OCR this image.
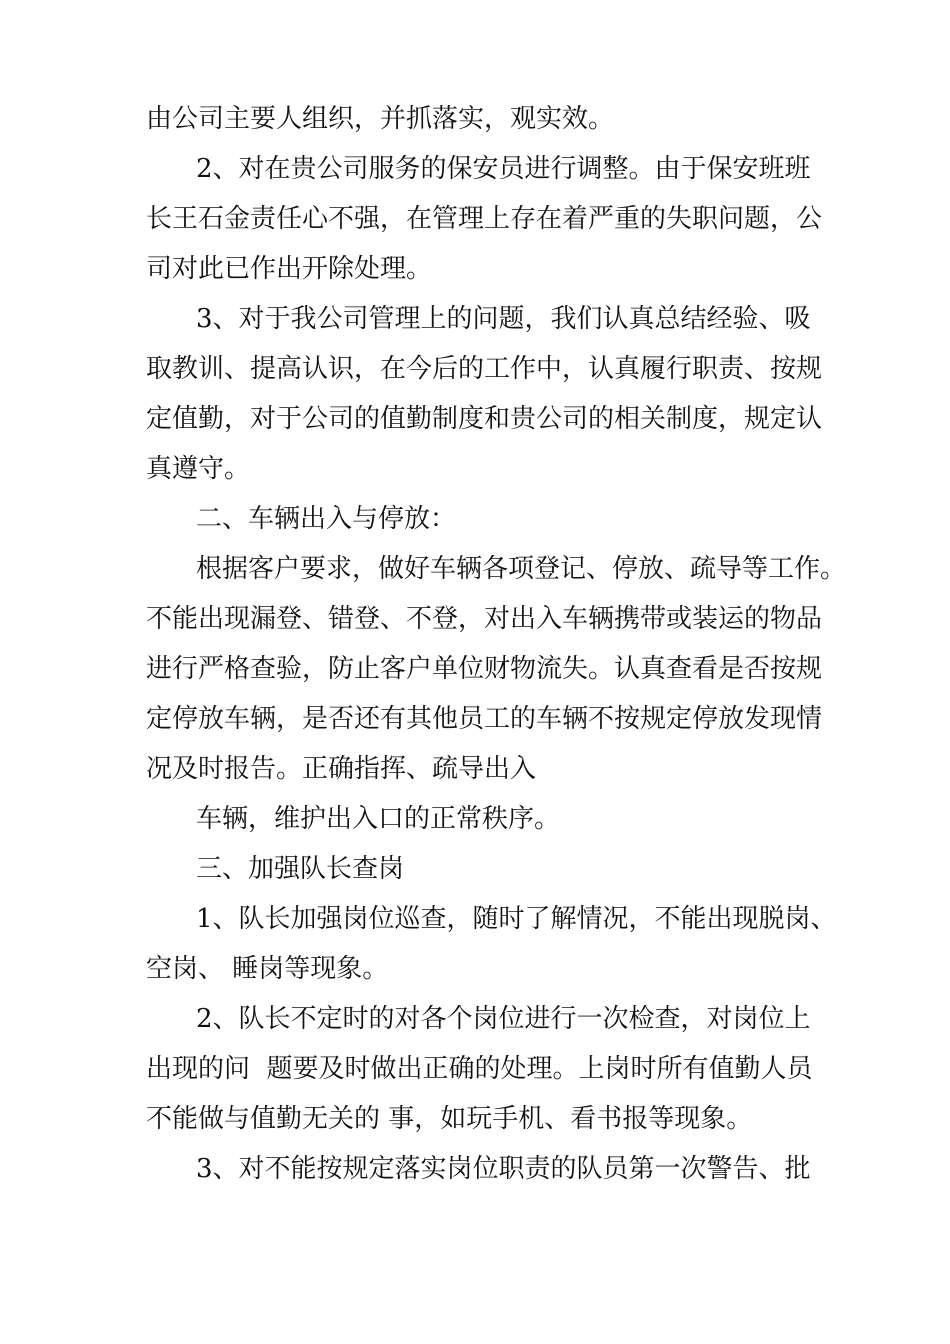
由公司主要人组织，并抓落实，观实效。
2、对在贵公司服务的保安员进行调整。由于保安班班
长王石金责任心不强，在管理上存在着严重的失职问题，公
司对此已作出开除处理。
3、对于我公司管理上的问题，我们认真总结经验、吸
取教训、提高认识，在今后的工作中，认真履行职责、按规
定值勤，对于公司的值勤制度和贵公司的相关制度，规定认
真遵守。
二、车辆出入与停放：
根据客户要求，做好车辆各项登记、停放、疏导等工作。
不能出现漏登、错登、不登，对出入车辆携带或装运的物品
进行严格查验，防止客户单位财物流失。认真查看是否按规
定停放车辆，是否还有其他员工的车辆不按规定停放发现情
况及时报告。正确指挥、疏导出入
车辆，维护出入口的正常秩序。
三、加强队长查岗
1、队长加强岗位巡查，随时了解情况，不能出现脱岗、
空岗、 睡岗等现象。
2、队长不定时的对各个岗位进行一次检查，对岗位上
出现的问  题要及时做出正确的处理。上岗时所有值勤人员
不能做与值勤无关的 事，如玩手机、看书报等现象。
3、对不能按规定落实岗位职责的队员第一次警告、批
